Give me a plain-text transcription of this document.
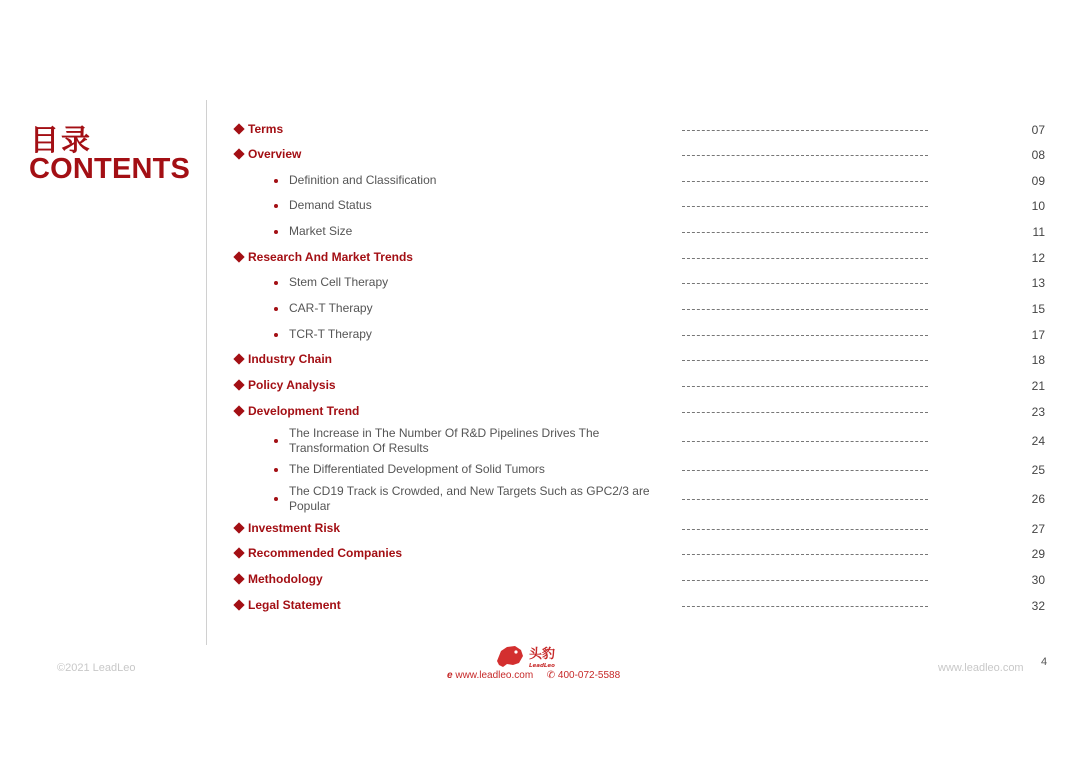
目录
CONTENTS
Terms	07
Overview	08
Definition and Classification	09
Demand Status	10
Market Size	11
Research And Market Trends	12
Stem Cell Therapy	13
CAR-T Therapy	15
TCR-T Therapy	17
Industry Chain	18
Policy Analysis	21
Development Trend	23
The Increase in The Number Of R&D Pipelines Drives The
Transformation Of Results	24
The Differentiated Development of Solid Tumors	25
The CD19 Track is Crowded, and New Targets Such as GPC2/3 are
Popular	26
Investment Risk	27
Recommended Companies	29
Methodology	30
Legal Statement	32
©2021 LeadLeo	www.leadleo.com 4
头豹
LeadLeo
e www.leadleo.com ✆ 400-072-5588
